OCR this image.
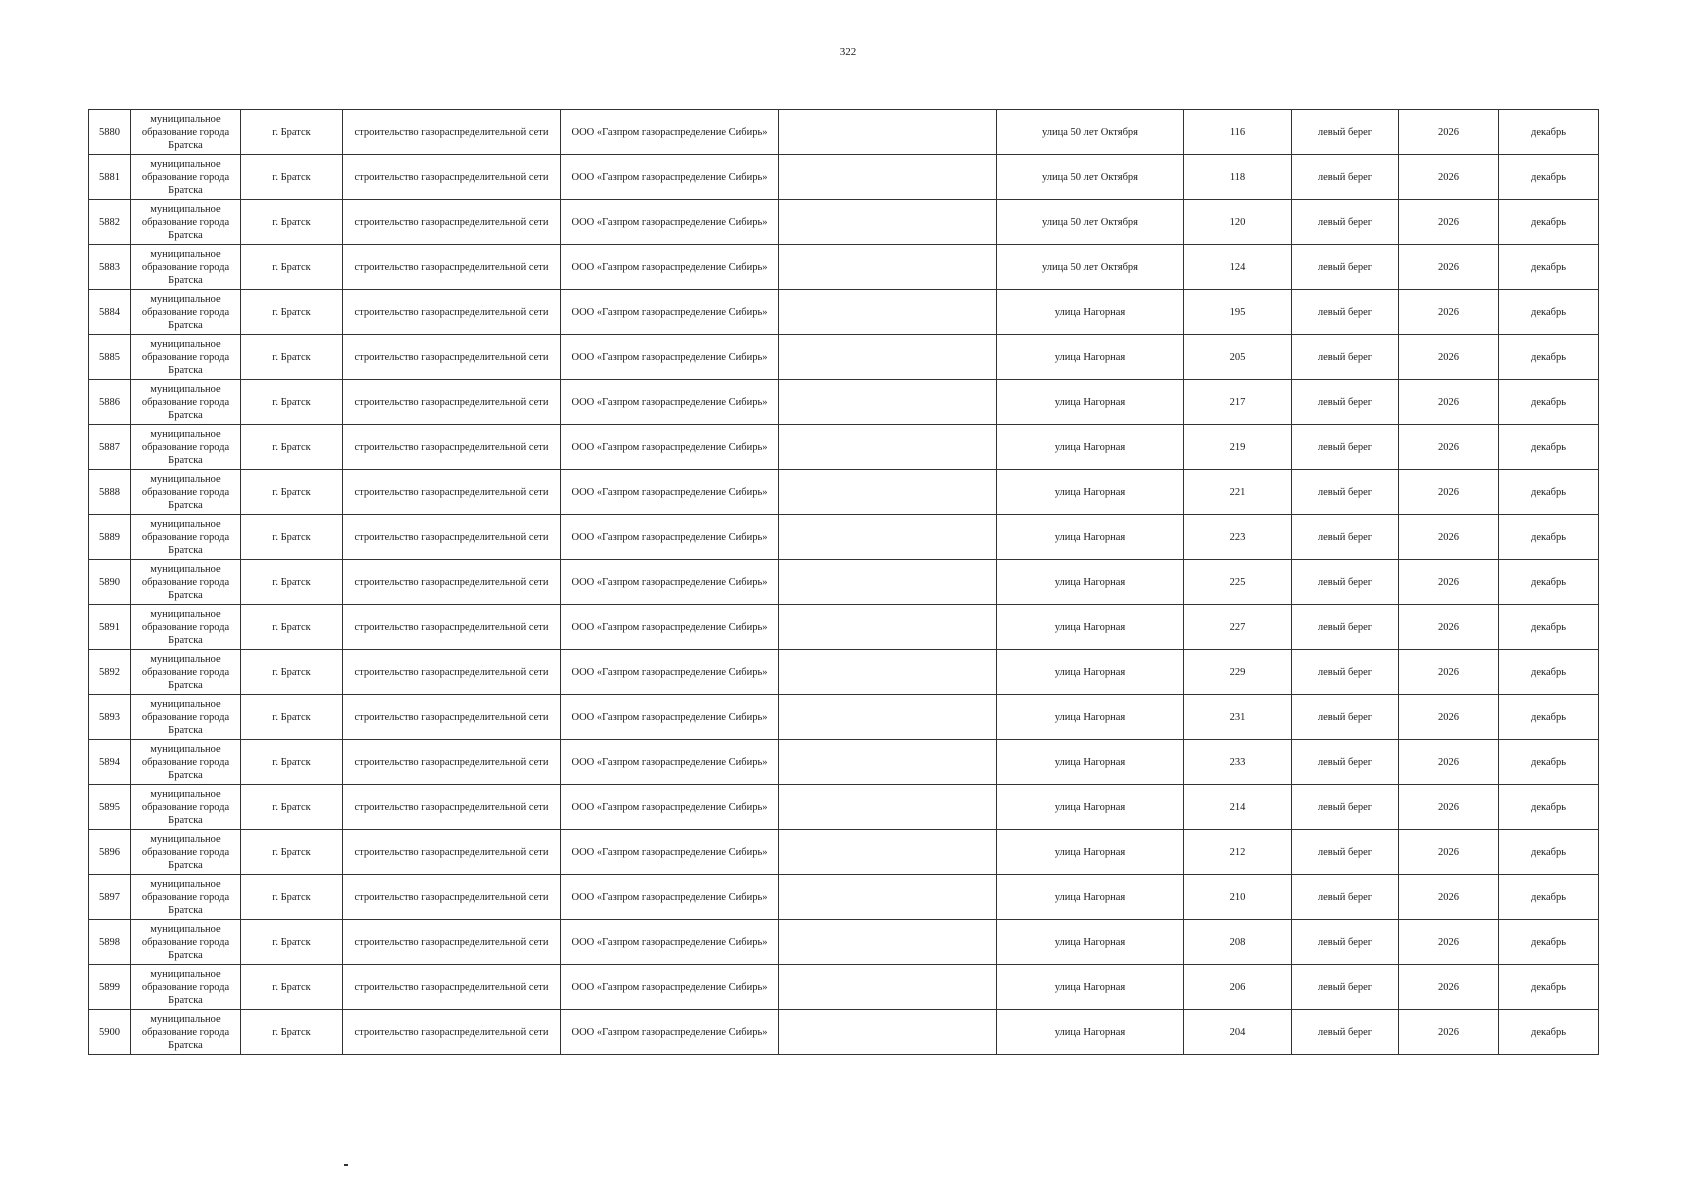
322
5880	муниципальное образование города Братска	г. Братск	строительство газораспределительной сети	ООО «Газпром газораспределение Сибирь»		улица 50 лет Октября	116	левый берег	2026	декабрь
5881	муниципальное образование города Братска	г. Братск	строительство газораспределительной сети	ООО «Газпром газораспределение Сибирь»		улица 50 лет Октября	118	левый берег	2026	декабрь
5882	муниципальное образование города Братска	г. Братск	строительство газораспределительной сети	ООО «Газпром газораспределение Сибирь»		улица 50 лет Октября	120	левый берег	2026	декабрь
5883	муниципальное образование города Братска	г. Братск	строительство газораспределительной сети	ООО «Газпром газораспределение Сибирь»		улица 50 лет Октября	124	левый берег	2026	декабрь
5884	муниципальное образование города Братска	г. Братск	строительство газораспределительной сети	ООО «Газпром газораспределение Сибирь»		улица Нагорная	195	левый берег	2026	декабрь
5885	муниципальное образование города Братска	г. Братск	строительство газораспределительной сети	ООО «Газпром газораспределение Сибирь»		улица Нагорная	205	левый берег	2026	декабрь
5886	муниципальное образование города Братска	г. Братск	строительство газораспределительной сети	ООО «Газпром газораспределение Сибирь»		улица Нагорная	217	левый берег	2026	декабрь
5887	муниципальное образование города Братска	г. Братск	строительство газораспределительной сети	ООО «Газпром газораспределение Сибирь»		улица Нагорная	219	левый берег	2026	декабрь
5888	муниципальное образование города Братска	г. Братск	строительство газораспределительной сети	ООО «Газпром газораспределение Сибирь»		улица Нагорная	221	левый берег	2026	декабрь
5889	муниципальное образование города Братска	г. Братск	строительство газораспределительной сети	ООО «Газпром газораспределение Сибирь»		улица Нагорная	223	левый берег	2026	декабрь
5890	муниципальное образование города Братска	г. Братск	строительство газораспределительной сети	ООО «Газпром газораспределение Сибирь»		улица Нагорная	225	левый берег	2026	декабрь
5891	муниципальное образование города Братска	г. Братск	строительство газораспределительной сети	ООО «Газпром газораспределение Сибирь»		улица Нагорная	227	левый берег	2026	декабрь
5892	муниципальное образование города Братска	г. Братск	строительство газораспределительной сети	ООО «Газпром газораспределение Сибирь»		улица Нагорная	229	левый берег	2026	декабрь
5893	муниципальное образование города Братска	г. Братск	строительство газораспределительной сети	ООО «Газпром газораспределение Сибирь»		улица Нагорная	231	левый берег	2026	декабрь
5894	муниципальное образование города Братска	г. Братск	строительство газораспределительной сети	ООО «Газпром газораспределение Сибирь»		улица Нагорная	233	левый берег	2026	декабрь
5895	муниципальное образование города Братска	г. Братск	строительство газораспределительной сети	ООО «Газпром газораспределение Сибирь»		улица Нагорная	214	левый берег	2026	декабрь
5896	муниципальное образование города Братска	г. Братск	строительство газораспределительной сети	ООО «Газпром газораспределение Сибирь»		улица Нагорная	212	левый берег	2026	декабрь
5897	муниципальное образование города Братска	г. Братск	строительство газораспределительной сети	ООО «Газпром газораспределение Сибирь»		улица Нагорная	210	левый берег	2026	декабрь
5898	муниципальное образование города Братска	г. Братск	строительство газораспределительной сети	ООО «Газпром газораспределение Сибирь»		улица Нагорная	208	левый берег	2026	декабрь
5899	муниципальное образование города Братска	г. Братск	строительство газораспределительной сети	ООО «Газпром газораспределение Сибирь»		улица Нагорная	206	левый берег	2026	декабрь
5900	муниципальное образование города Братска	г. Братск	строительство газораспределительной сети	ООО «Газпром газораспределение Сибирь»		улица Нагорная	204	левый берег	2026	декабрь
